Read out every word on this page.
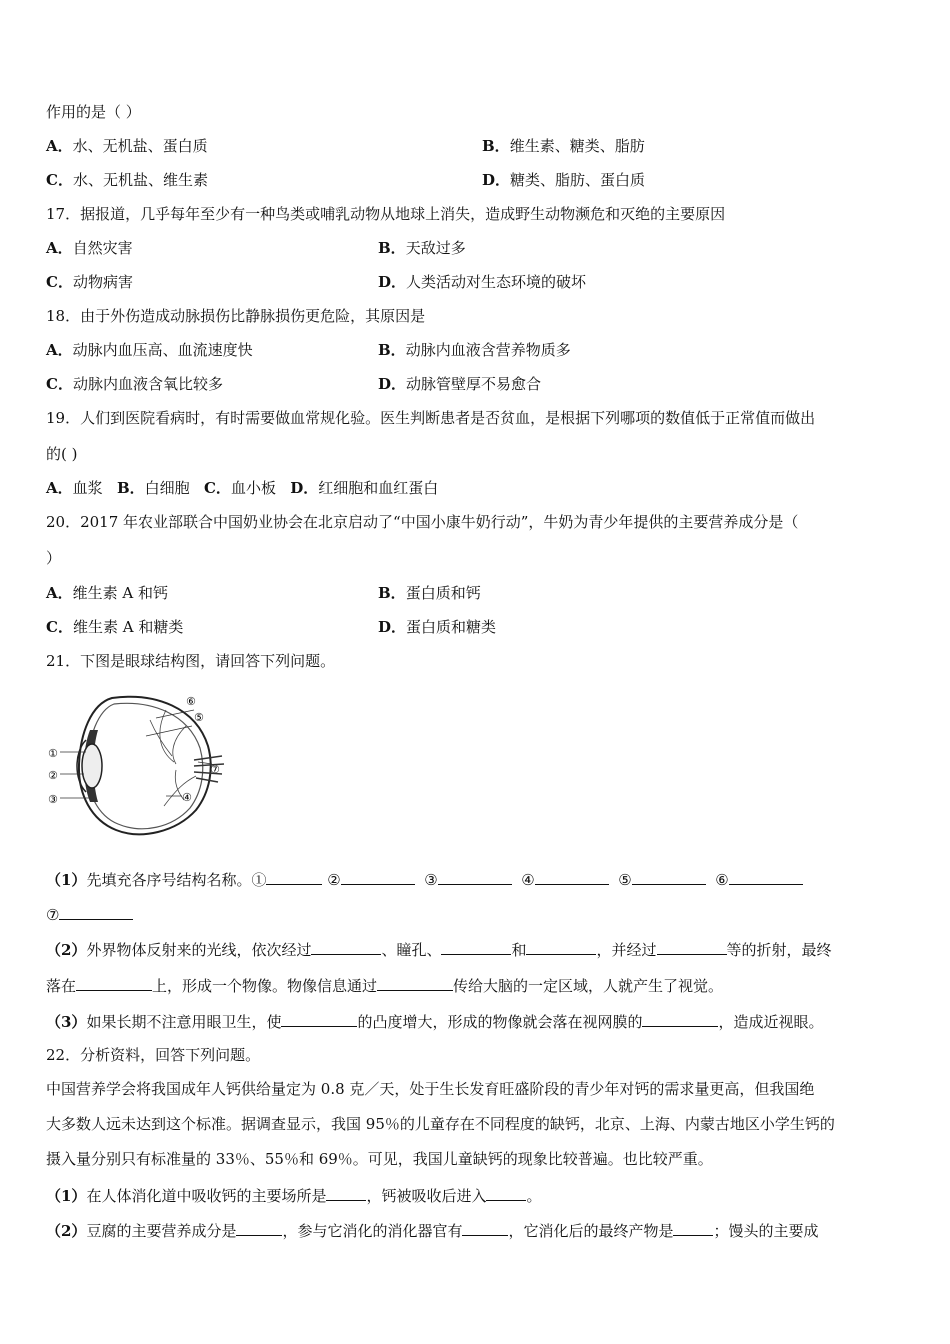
作用的是（ ）
A．水、无机盐、蛋白质	B．维生素、糖类、脂肪
C．水、无机盐、维生素	D．糖类、脂肪、蛋白质
17．据报道，几乎每年至少有一种鸟类或哺乳动物从地球上消失，造成野生动物濒危和灭绝的主要原因
A．自然灾害	B．天敌过多
C．动物病害	D．人类活动对生态环境的破坏
18．由于外伤造成动脉损伤比静脉损伤更危险，其原因是
A．动脉内血压高、血流速度快	B．动脉内血液含营养物质多
C．动脉内血液含氧比较多	D．动脉管壁厚不易愈合
19．人们到医院看病时，有时需要做血常规化验。医生判断患者是否贫血，是根据下列哪项的数值低于正常值而做出
的( )
A．血浆 B．白细胞 C．血小板 D．红细胞和血红蛋白
20．2017 年农业部联合中国奶业协会在北京启动了“中国小康牛奶行动”，牛奶为青少年提供的主要营养成分是（
）
A．维生素 A 和钙	B．蛋白质和钙
C．维生素 A 和糖类	D．蛋白质和糖类
21．下图是眼球结构图，请回答下列问题。
①
②
③	④
⑤
⑥
⑦
（1）先填充各序号结构名称。①	②	③	④	⑤	⑥
⑦
（2）外界物体反射来的光线，依次经过	、瞳孔、	和	，并经过	等的折射，最终
落在	上，形成一个物像。物像信息通过	传给大脑的一定区域，人就产生了视觉。
（3）如果长期不注意用眼卫生，使	的凸度增大，形成的物像就会落在视网膜的	，造成近视眼。
22．分析资料，回答下列问题。
中国营养学会将我国成年人钙供给量定为 0.8 克／天，处于生长发育旺盛阶段的青少年对钙的需求量更高，但我国绝
大多数人远未达到这个标准。据调查显示，我国 95％的儿童存在不同程度的缺钙，北京、上海、内蒙古地区小学生钙的
摄入量分别只有标准量的 33％、55％和 69％。可见，我国儿童缺钙的现象比较普遍。也比较严重。
（1）在人体消化道中吸收钙的主要场所是	，钙被吸收后进入	。
（2）豆腐的主要营养成分是	，参与它消化的消化器官有	，它消化后的最终产物是	；馒头的主要成
